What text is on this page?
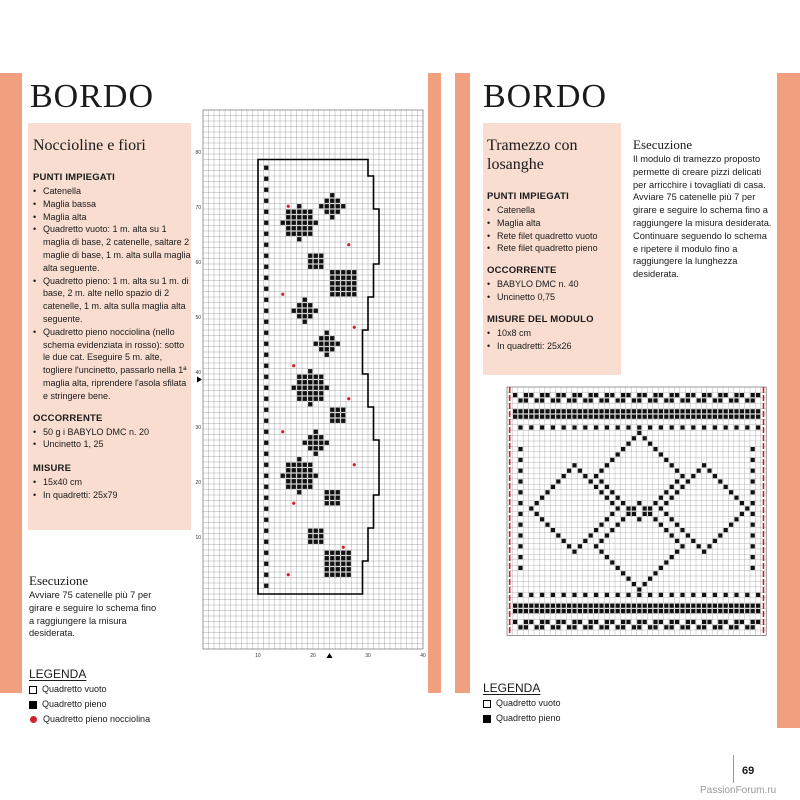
BORDO
Noccioline e fiori
PUNTI IMPIEGATI
• Catenella
• Maglia bassa
• Maglia alta
• Quadretto vuoto: 1 m. alta su 1 maglia di base, 2 catenelle, saltare 2 maglie di base, 1 m. alta sulla maglia alta seguente.
• Quadretto pieno: 1 m. alta su 1 m. di base, 2 m. alte nello spazio di 2 catenelle, 1 m. alta sulla maglia alta seguente.
• Quadretto pieno nocciolina (nello schema evidenziata in rosso): sotto le due cat. Eseguire 5 m. alte, togliere l'uncinetto, passarlo nella 1ª maglia alta, riprendere l'asola sfilata e stringere bene.
OCCORRENTE
• 50 g i BABYLO DMC n. 20
• Uncinetto 1, 25
MISURE
• 15x40 cm
• In quadretti: 25x79
Esecuzione
Avviare 75 catenelle più 7 per girare e seguire lo schema fino a raggiungere la misura desiderata.
LEGENDA
Quadretto vuoto
Quadretto pieno
Quadretto pieno nocciolina
80
70
60
50
40
30
20
10
10	20	30	40
BORDO
Tramezzo con losanghe
PUNTI IMPIEGATI
• Catenella
• Maglia alta
• Rete filet quadretto vuoto
• Rete filet quadretto pieno
OCCORRENTE
• BABYLO DMC n. 40
• Uncinetto 0,75
MISURE DEL MODULO
• 10x8 cm
• In quadretti: 25x26
Esecuzione
Il modulo di tramezzo proposto permette di creare pizzi delicati per arricchire i tovagliati di casa. Avviare 75 catenelle più 7 per girare e seguire lo schema fino a raggiungere la misura desiderata. Continuare seguendo lo schema e ripetere il modulo fino a raggiungere la lunghezza desiderata.
LEGENDA
Quadretto vuoto
Quadretto pieno
69
PassionForum.ru
